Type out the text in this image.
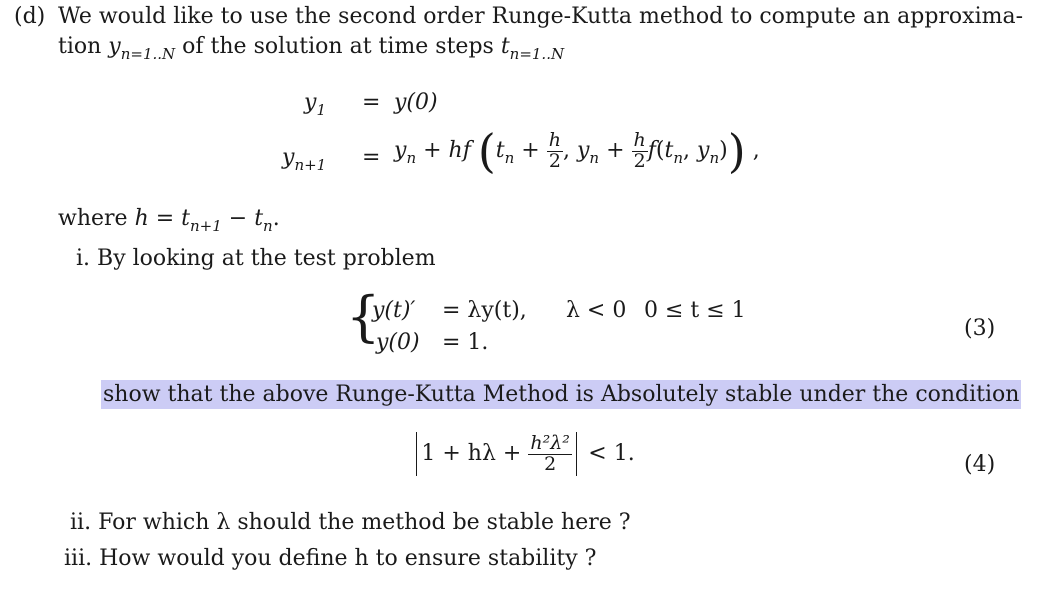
(d) We would like to use the second order Runge-Kutta method to compute an approxima-
tion $y_{n=1..N}$ of the solution at time steps $t_{n=1..N}$
$y_1 = y(0)$
$y_{n+1} = y_n$ + hf ($t_n + \frac{h}{2}$ , $y_n + \frac{h}{2} f(t_n$, $y_n$)) ,
where $h = t_{n+1} - t_n$.
i. By looking at the test problem
{
y(t)′ = λy(t), λ < 0 0 ≤ t ≤ 1
y(0) = 1.
(3)
show that the above Runge-Kutta Method is Absolutely stable under the condition
$1 + h\lambda + \frac{\text{h²λ²}}{2} < 1$.	(4)
ii. For which λ should the method be stable here ?
iii. How would you define h to ensure stability ?
